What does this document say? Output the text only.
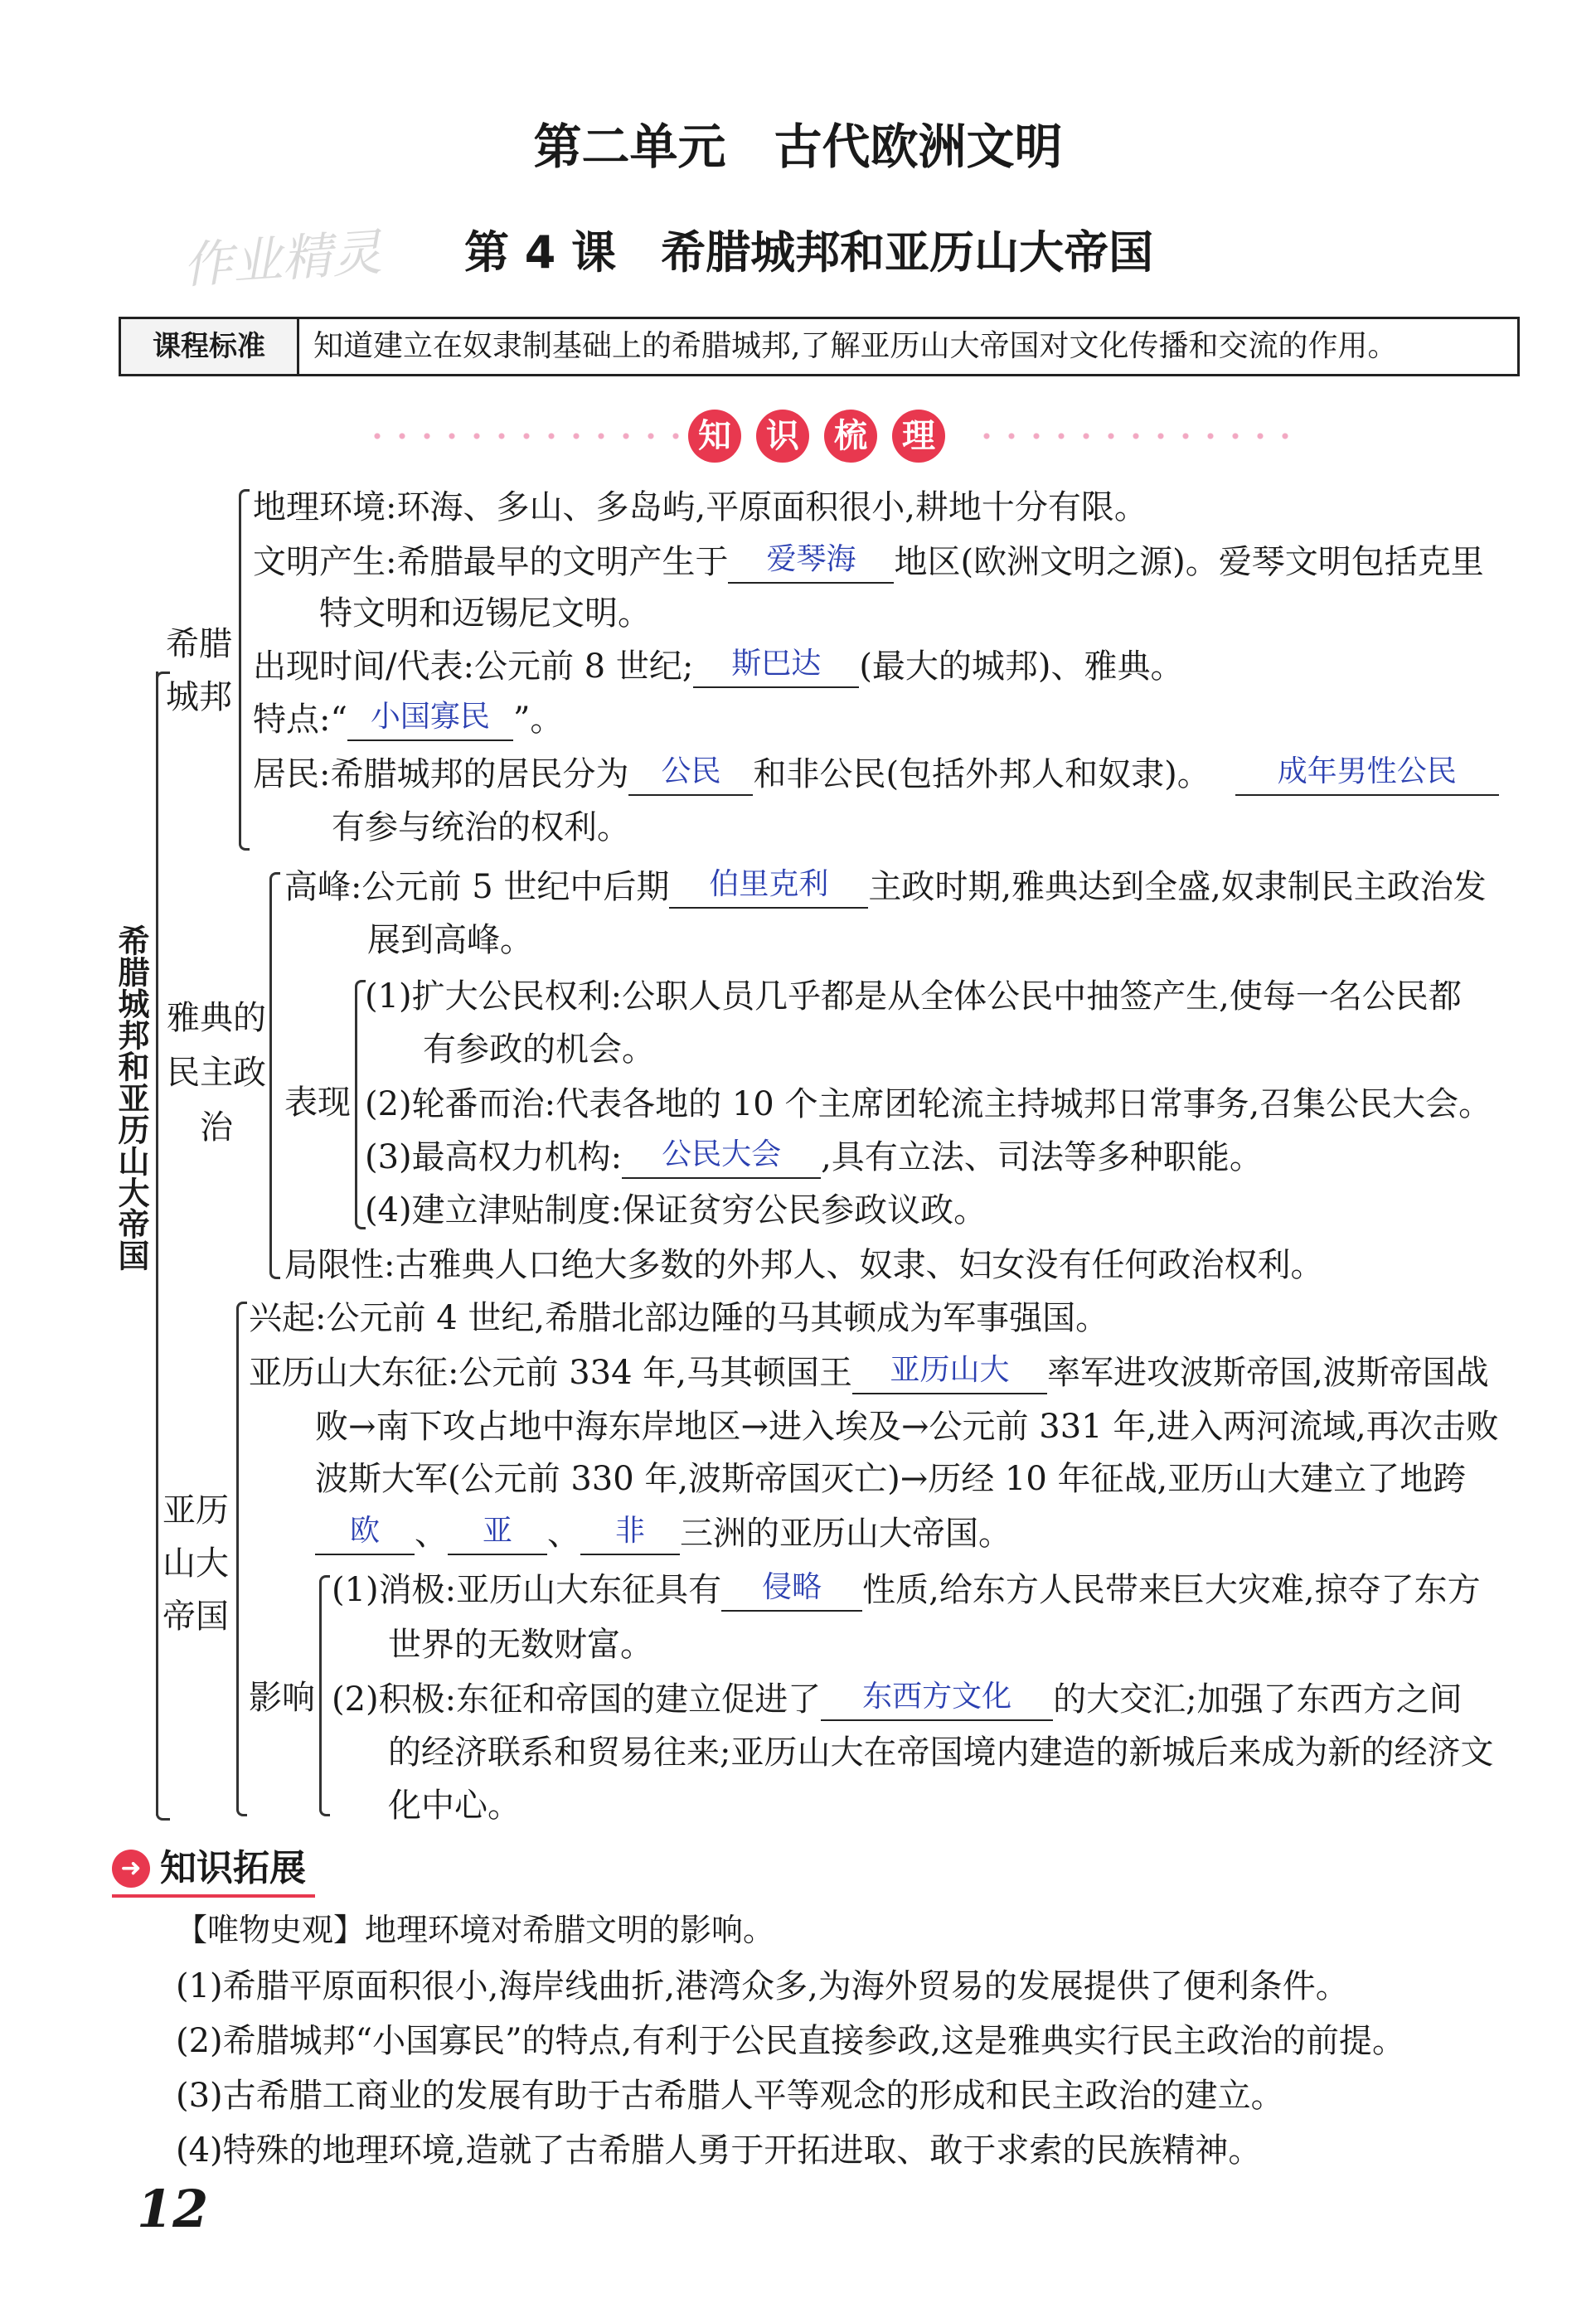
第二单元　古代欧洲文明
作业精灵 第 4 课　希腊城邦和亚历山大帝国
课程标准	知道建立在奴隶制基础上的希腊城邦,了解亚历山大帝国对文化传播和交流的作用。
知	识	梳	理
希腊城邦和亚历山大帝国
希腊城邦
地理环境:环海、多山、多岛屿,平原面积很小,耕地十分有限。
文明产生:希腊最早的文明产生于	爱琴海	地区(欧洲文明之源)。爱琴文明包括克里
特文明和迈锡尼文明。
出现时间/代表:公元前 8 世纪;	斯巴达	(最大的城邦)、雅典。
特点:“ 小国寡民 ”。
居民:希腊城邦的居民分为	公民 和非公民(包括外邦人和奴隶)。	成年男性公民
有参与统治的权利。
雅典的民主政治
高峰:公元前 5 世纪中后期	伯里克利	主政时期,雅典达到全盛,奴隶制民主政治发
展到高峰。
表现
(1)扩大公民权利:公职人员几乎都是从全体公民中抽签产生,使每一名公民都
有参政的机会。
(2)轮番而治:代表各地的 10 个主席团轮流主持城邦日常事务,召集公民大会。
(3)最高权力机构:	公民大会	,具有立法、司法等多种职能。
(4)建立津贴制度:保证贫穷公民参政议政。
局限性:古雅典人口绝大多数的外邦人、奴隶、妇女没有任何政治权利。
亚历山大帝国
兴起:公元前 4 世纪,希腊北部边陲的马其顿成为军事强国。
亚历山大东征:公元前 334 年,马其顿国王	亚历山大	率军进攻波斯帝国,波斯帝国战
败→南下攻占地中海东岸地区→进入埃及→公元前 331 年,进入两河流域,再次击败
波斯大军(公元前 330 年,波斯帝国灭亡)→历经 10 年征战,亚历山大建立了地跨
欧	、	亚	、	非	三洲的亚历山大帝国。
影响
(1)消极:亚历山大东征具有	侵略	性质,给东方人民带来巨大灾难,掠夺了东方
世界的无数财富。
(2)积极:东征和帝国的建立促进了	东西方文化	的大交汇;加强了东西方之间
的经济联系和贸易往来;亚历山大在帝国境内建造的新城后来成为新的经济文
化中心。
➜ 知识拓展
【唯物史观】地理环境对希腊文明的影响。
(1)希腊平原面积很小,海岸线曲折,港湾众多,为海外贸易的发展提供了便利条件。
(2)希腊城邦“小国寡民”的特点,有利于公民直接参政,这是雅典实行民主政治的前提。
(3)古希腊工商业的发展有助于古希腊人平等观念的形成和民主政治的建立。
(4)特殊的地理环境,造就了古希腊人勇于开拓进取、敢于求索的民族精神。
12
